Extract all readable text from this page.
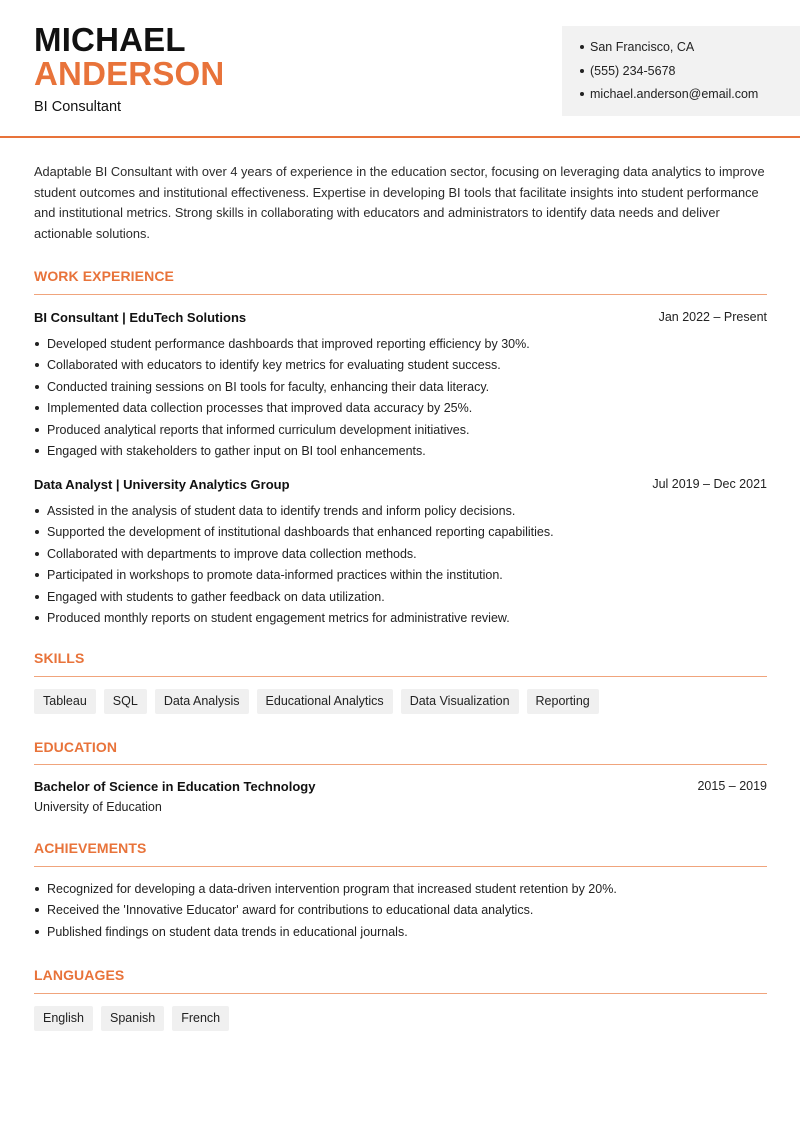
MICHAEL
ANDERSON
BI Consultant
San Francisco, CA
(555) 234-5678
michael.anderson@email.com
Adaptable BI Consultant with over 4 years of experience in the education sector, focusing on leveraging data analytics to improve student outcomes and institutional effectiveness. Expertise in developing BI tools that facilitate insights into student performance and institutional metrics. Strong skills in collaborating with educators and administrators to identify data needs and deliver actionable solutions.
WORK EXPERIENCE
BI Consultant | EduTech Solutions	Jan 2022 – Present
Developed student performance dashboards that improved reporting efficiency by 30%.
Collaborated with educators to identify key metrics for evaluating student success.
Conducted training sessions on BI tools for faculty, enhancing their data literacy.
Implemented data collection processes that improved data accuracy by 25%.
Produced analytical reports that informed curriculum development initiatives.
Engaged with stakeholders to gather input on BI tool enhancements.
Data Analyst | University Analytics Group	Jul 2019 – Dec 2021
Assisted in the analysis of student data to identify trends and inform policy decisions.
Supported the development of institutional dashboards that enhanced reporting capabilities.
Collaborated with departments to improve data collection methods.
Participated in workshops to promote data-informed practices within the institution.
Engaged with students to gather feedback on data utilization.
Produced monthly reports on student engagement metrics for administrative review.
SKILLS
Tableau	SQL	Data Analysis	Educational Analytics	Data Visualization	Reporting
EDUCATION
Bachelor of Science in Education Technology	2015 – 2019
University of Education
ACHIEVEMENTS
Recognized for developing a data-driven intervention program that increased student retention by 20%.
Received the 'Innovative Educator' award for contributions to educational data analytics.
Published findings on student data trends in educational journals.
LANGUAGES
English	Spanish	French
